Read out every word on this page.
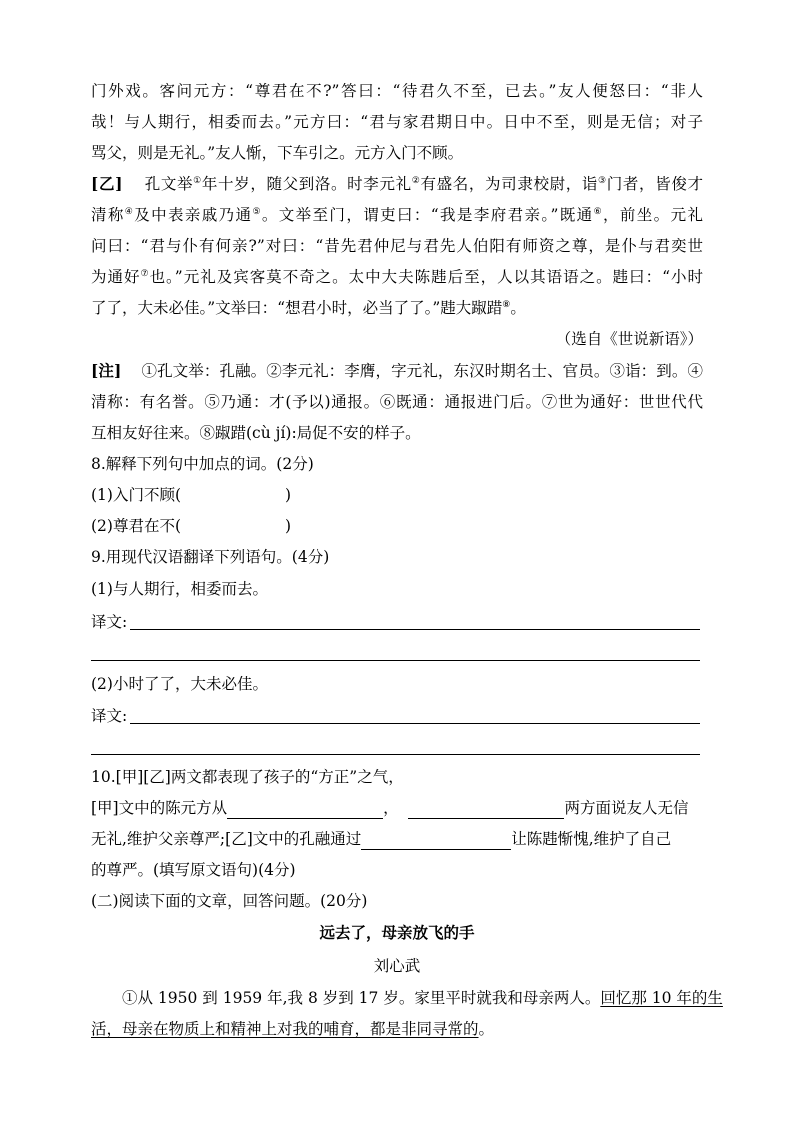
门外戏。客问元方：“尊君在不?”答曰：“待君久不至，已去。”友人便怒曰：“非人
哉！与人期行，相委而去。”元方曰：“君与家君期日中。日中不至，则是无信；对子
骂父，则是无礼。”友人惭，下车引之。元方入门不顾。
[乙] 孔文举①年十岁，随父到洛。时李元礼②有盛名，为司隶校尉，诣③门者，皆俊才
清称④及中表亲戚乃通⑤。文举至门，谓吏曰：“我是李府君亲。”既通⑥，前坐。元礼
问曰：“君与仆有何亲?”对曰：“昔先君仲尼与君先人伯阳有师资之尊，是仆与君奕世
为通好⑦也。”元礼及宾客莫不奇之。太中大夫陈韪后至，人以其语语之。韪曰：“小时
了了，大未必佳。”文举曰：“想君小时，必当了了。”韪大踧踖⑧。
（选自《世说新语》）
[注] ①孔文举：孔融。②李元礼：李膺，字元礼，东汉时期名士、官员。③诣：到。④
清称：有名誉。⑤乃通：才(予以)通报。⑥既通：通报进门后。⑦世为通好：世世代代
互相友好往来。⑧踧踖(cù jí):局促不安的样子。
8.解释下列句中加点的词。(2分)
(1)入门不顾(	)
(2)尊君在不(	)
9.用现代汉语翻译下列语句。(4分)
(1)与人期行，相委而去。
译文:
(2)小时了了，大未必佳。
译文:
10.[甲][乙]两文都表现了孩子的“方正”之气，
[甲]文中的陈元方从	，	两方面说友人无信
无礼,维护父亲尊严;[乙]文中的孔融通过	让陈韪惭愧,维护了自己
的尊严。(填写原文语句)(4分)
(二)阅读下面的文章，回答问题。(20分)
远去了，母亲放飞的手
刘心武
①从 1950 到 1959 年,我 8 岁到 17 岁。家里平时就我和母亲两人。回忆那 10 年的生
活，母亲在物质上和精神上对我的哺育，都是非同寻常的。
